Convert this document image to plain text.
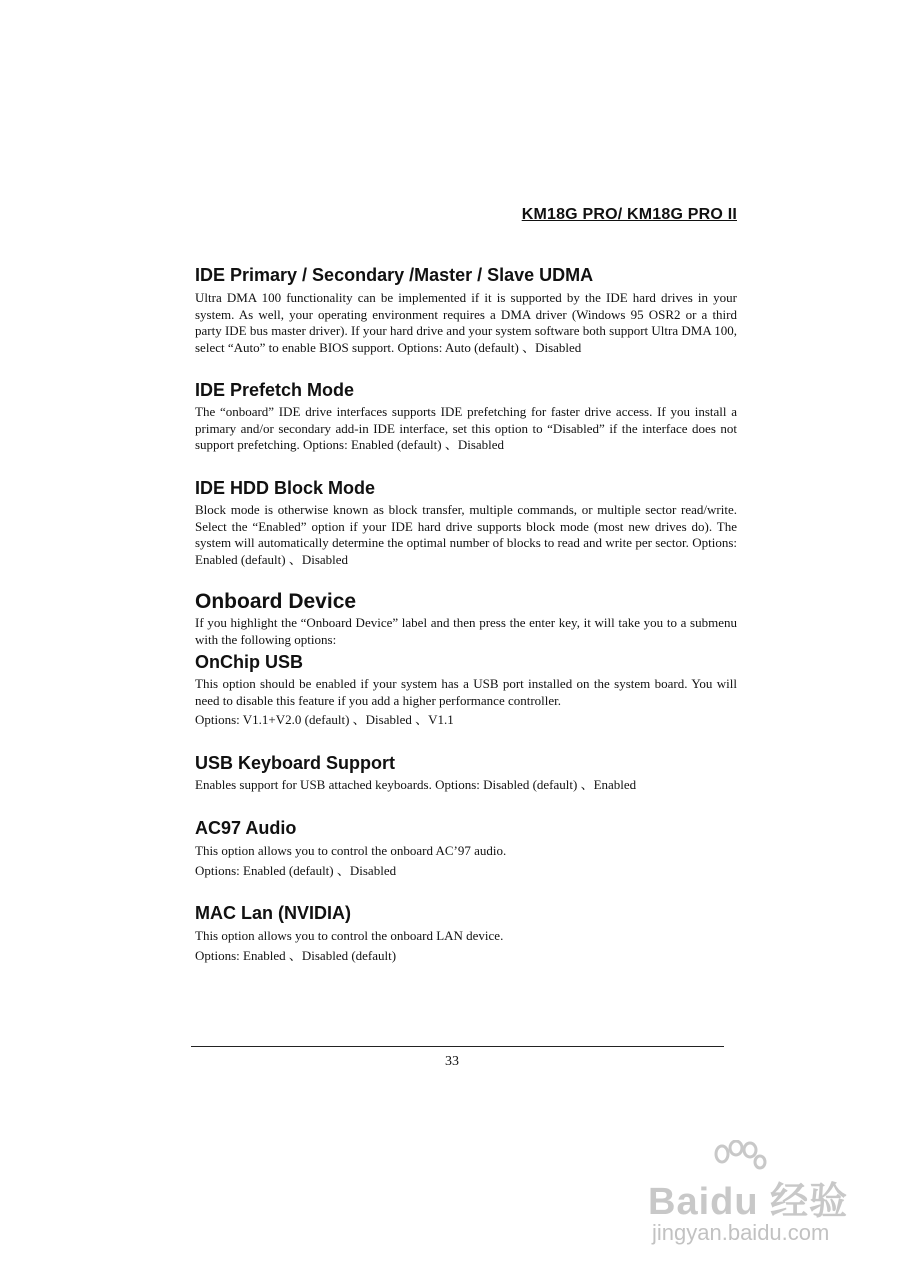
KM18G PRO/ KM18G PRO II
IDE Primary / Secondary /Master / Slave UDMA

Ultra DMA 100 functionality can be implemented if it is supported by the IDE hard drives in your system. As well, your operating environment requires a DMA driver (Windows 95 OSR2 or a third party IDE bus master driver). If your hard drive and your system software both support Ultra DMA 100, select “Auto” to enable BIOS support. Options: Auto (default) 、Disabled

IDE Prefetch Mode

The “onboard” IDE drive interfaces supports IDE prefetching for faster drive access. If you install a primary and/or secondary add-in IDE interface, set this option to “Disabled” if the interface does not support prefetching. Options: Enabled (default) 、Disabled

IDE HDD Block Mode

Block mode is otherwise known as block transfer, multiple commands, or multiple sector read/write. Select the “Enabled” option if your IDE hard drive supports block mode (most new drives do). The system will automatically determine the optimal number of blocks to read and write per sector. Options: Enabled (default) 、Disabled

Onboard Device

If you highlight the “Onboard Device” label and then press the enter key, it will take you to a submenu with the following options:

OnChip USB

This option should be enabled if your system has a USB port installed on the system board. You will need to disable this feature if you add a higher performance controller.

Options: V1.1+V2.0 (default) 、Disabled 、V1.1

USB Keyboard Support

Enables support for USB attached keyboards. Options: Disabled (default) 、Enabled

AC97 Audio

This option allows you to control the onboard AC’97 audio.

Options: Enabled (default) 、Disabled

MAC Lan (NVIDIA)

This option allows you to control the onboard LAN device.

Options: Enabled 、Disabled (default)

33
Baidu 经验
jingyan.baidu.com
